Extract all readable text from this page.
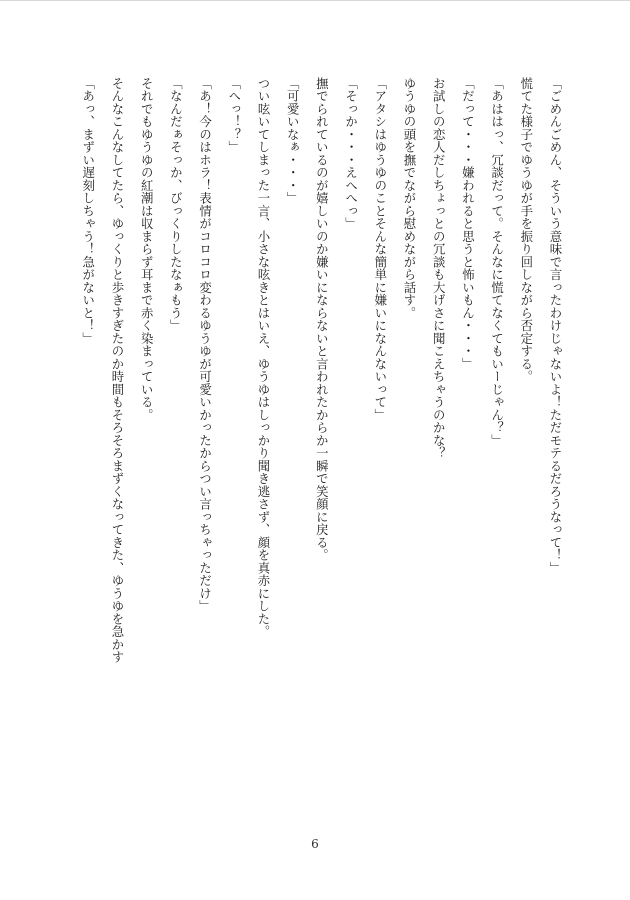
「ごめんごめん、そういう意味で言ったわけじゃないよ！ただモテるだろうなって！」
慌てた様子でゆうゆが手を振り回しながら否定する。
「あははっ、冗談だって。そんなに慌てなくてもいーじゃん？」
「だって・・・嫌われると思うと怖いもん・・・」
お試しの恋人だしちょっとの冗談も大げさに聞こえちゃうのかな？
ゆうゆの頭を撫でながら慰めながら話す。
「アタシはゆうゆのことそんな簡単に嫌いになんないって」
「そっか・・・えへへっ」
撫でられているのが嬉しいのか嫌いにならないと言われたからか一瞬で笑顔に戻る。
「可愛いなぁ・・・」
つい呟いてしまった一言、小さな呟きとはいえ、ゆうゆはしっかり聞き逃さず、顔を真赤にした。
「へっ！？」
「あ！今のはホラ！表情がコロコロ変わるゆうゆが可愛いかったからつい言っちゃっただけ」
「なんだぁそっか、びっくりしたなぁもう」
それでもゆうゆの紅潮は収まらず耳まで赤く染まっている。
そんなこんなしてたら、ゆっくりと歩きすぎたのか時間もそろそろまずくなってきた、ゆうゆを急かす
「あっ、まずい遅刻しちゃう！急がないと！」
6
